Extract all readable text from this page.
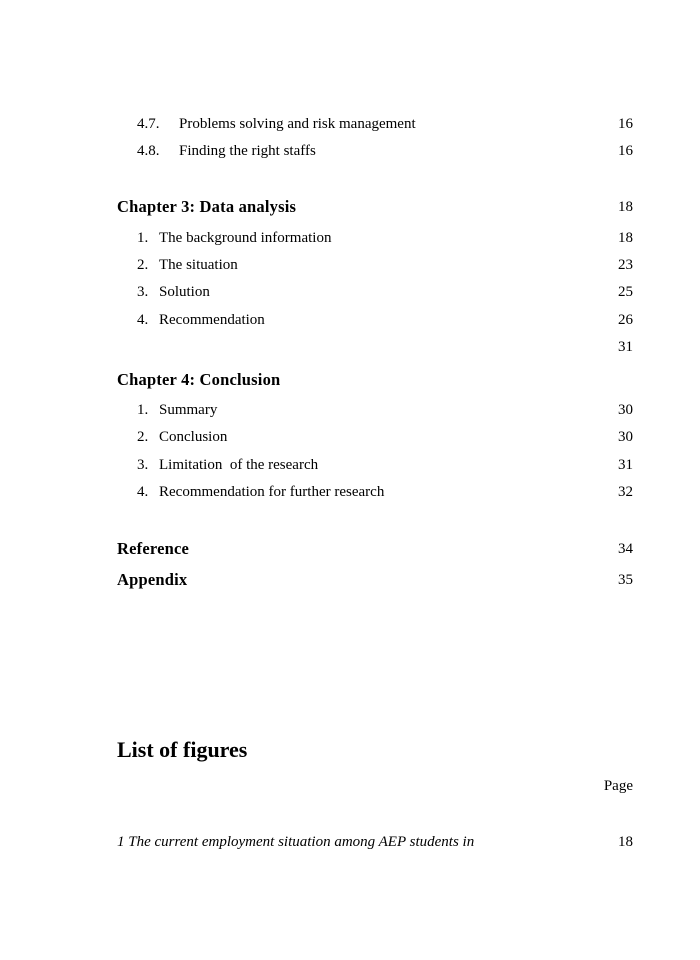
4.7. Problems solving and risk management	16
4.8. Finding the right staffs	16
Chapter 3: Data analysis	18
1. The background information	18
2. The situation	23
3. Solution	25
4. Recommendation	26
31
Chapter 4: Conclusion
1. Summary	30
2. Conclusion	30
3. Limitation  of the research	31
4. Recommendation for further research	32
Reference	34
Appendix	35
List of figures
Page
1 The current employment situation among AEP students in	18
